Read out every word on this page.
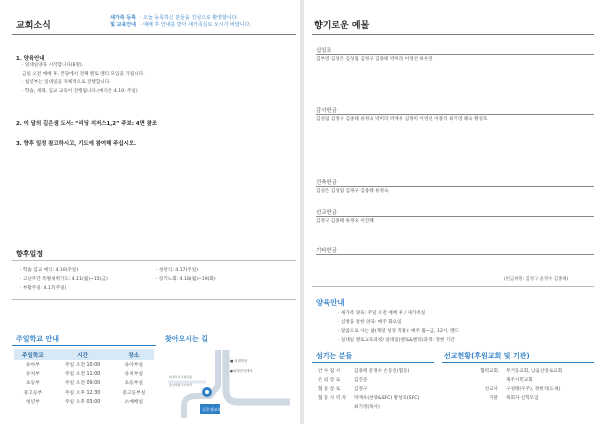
교회소식
새가족 등록 · 오늘 등록하신 분들을 진심으로 환영합니다.
및 교육안내 · 예배 후 안내를 받아 새가족실로 오시기 바랍니다.
1. 양육안내
· 일대일양육 시작합니다(8명).
금일 오전 예배 후, 본당에서 전체 멘토 멘티 모임을 가집니다.
· 첨년부는 일대일을 자체적으로 진행합니다.
· 학습, 세례, 입교 교육이 진행됩니다.(예식은 4.10. 주일)
2. 이 달의 길은샘 도서: “리딩 지저스1,2” 주보: 4면 참조
3. 향후 일정 참고하시고, 기도에 참여해 주십시오.
향후일정
· 학습 입교 예식: 4.10(주일)
· 고난주간 특별새벽기도: 4.11(월)~15(금)
· 부활주일: 4.17(주일)
· 성찬식: 4.17(주일)
· 장기노회: 4.18(월)~19(화)
주일학교 안내
주일학교	시간	장소
유아부	주일 오전 10:00	유아부실
유치부	주일 오전 11:00	유치부실
초등부	주일 오전 09:00	초등부실
중고등부	주일 오후 12:30	중고등부실
청년부	주일 오후 03:00	소예배실
찾아오시는 길
길은샘교회
■ 외대북문
●외대전사대사
용인대학교사거리
의정부보건의료원
향기로운 예물
십일조
김부영 김성은 김성림 김정구 김종태 박미라 이영선 하우연
감사헌금
김성림 김정구 김종태 류정숙 박미라 박재우 심정미 이영선 이종석 최기영 폐숙 황성호
건축헌금
김성은 김성림 김정구 김종태 류정숙
선교헌금
김정구 김종태 류정숙 이진혜
기타헌금
(헌금위원: 김정구 윤정수 김종태)
양육안내
· 새가족 양육: 주일 오전 예배 후 / 새가족실
· 심방을 통한 양육: 매주 화요일
· 말씀으로 사는 삶(제일 성경 적용): 매주 월~금, 12시, 밴드
· 일대일 멘토교육과정/ 일대일(멘토&멘티)과정: 정현 기간
섬기는 분들	선교현황(후원교회 및 기관)
안 수 집 사	김종태 문정수 손동진(협동)
은 퇴 장 로	김진준
협 동 장 로	김정구
협 동 사 역 자	박재우(찬양&SFC) 황성호(SFC)
최기영(목사)
협력교회	무거동교회, 남읍산장로교회
제주시민교회
선교사	구성태(우주), 정현석(도위)
기관	목회자 신학모임
